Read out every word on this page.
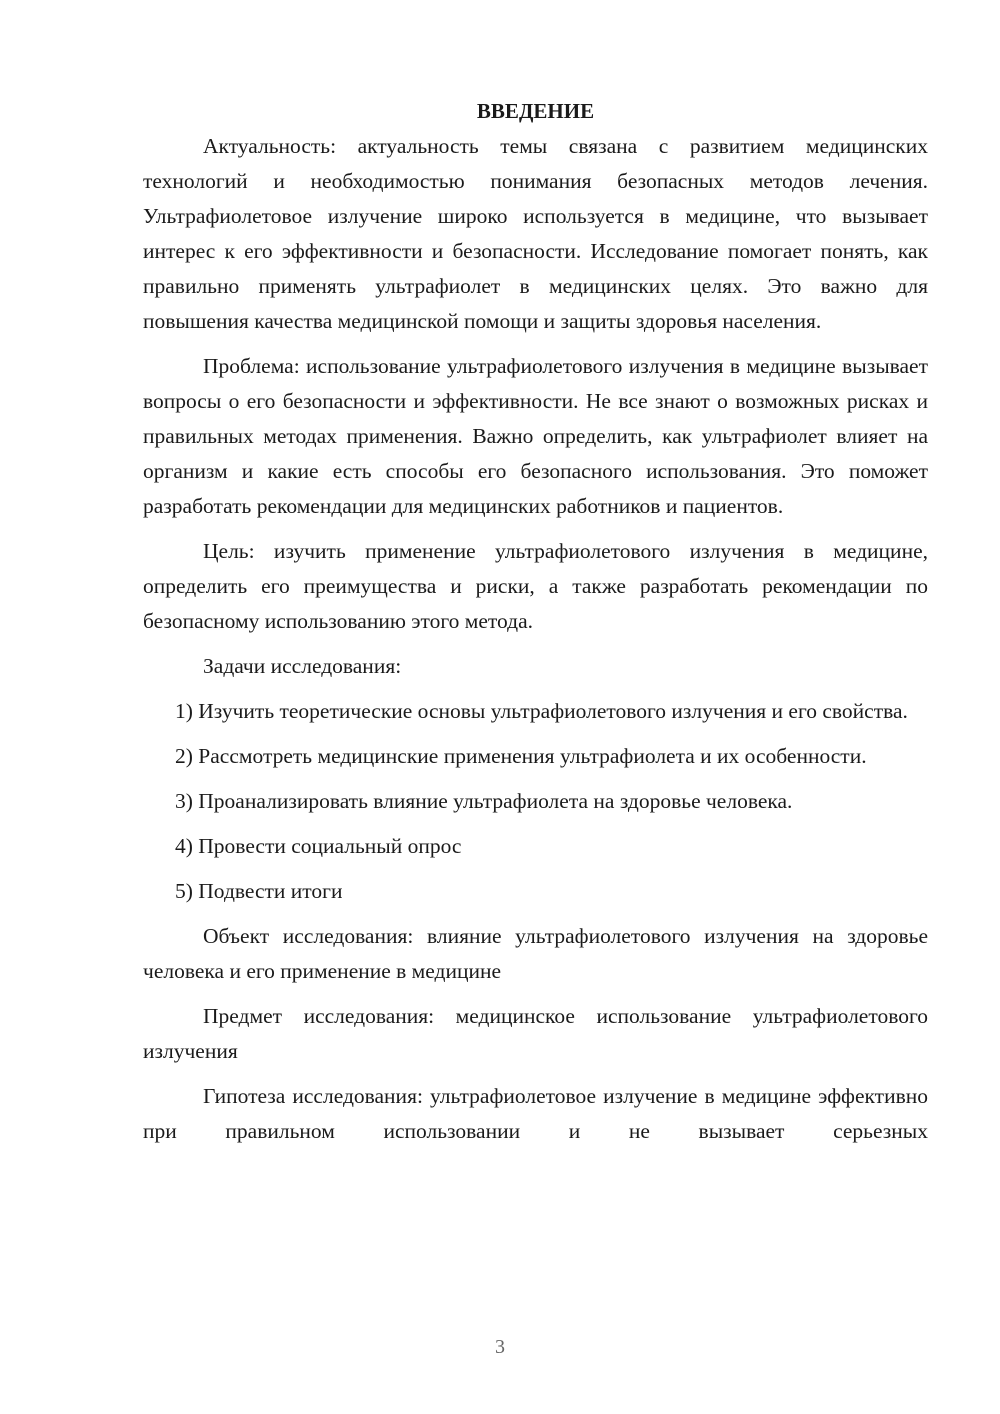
ВВЕДЕНИЕ

Актуальность: актуальность темы связана с развитием медицинских технологий и необходимостью понимания безопасных методов лечения. Ультрафиолетовое излучение широко используется в медицине, что вызывает интерес к его эффективности и безопасности. Исследование помогает понять, как правильно применять ультрафиолет в медицинских целях. Это важно для повышения качества медицинской помощи и защиты здоровья населения.

Проблема: использование ультрафиолетового излучения в медицине вызывает вопросы о его безопасности и эффективности. Не все знают о возможных рисках и правильных методах применения. Важно определить, как ультрафиолет влияет на организм и какие есть способы его безопасного использования. Это поможет разработать рекомендации для медицинских работников и пациентов.

Цель: изучить применение ультрафиолетового излучения в медицине, определить его преимущества и риски, а также разработать рекомендации по безопасному использованию этого метода.

Задачи исследования:

1) Изучить теоретические основы ультрафиолетового излучения и его свойства.

2) Рассмотреть медицинские применения ультрафиолета и их особенности.

3) Проанализировать влияние ультрафиолета на здоровье человека.

4) Провести социальный опрос

5) Подвести итоги

Объект исследования: влияние ультрафиолетового излучения на здоровье человека и его применение в медицине

Предмет исследования: медицинское использование ультрафиолетового излучения

Гипотеза исследования: ультрафиолетовое излучение в медицине эффективно при правильном использовании и не вызывает серьезных

3
